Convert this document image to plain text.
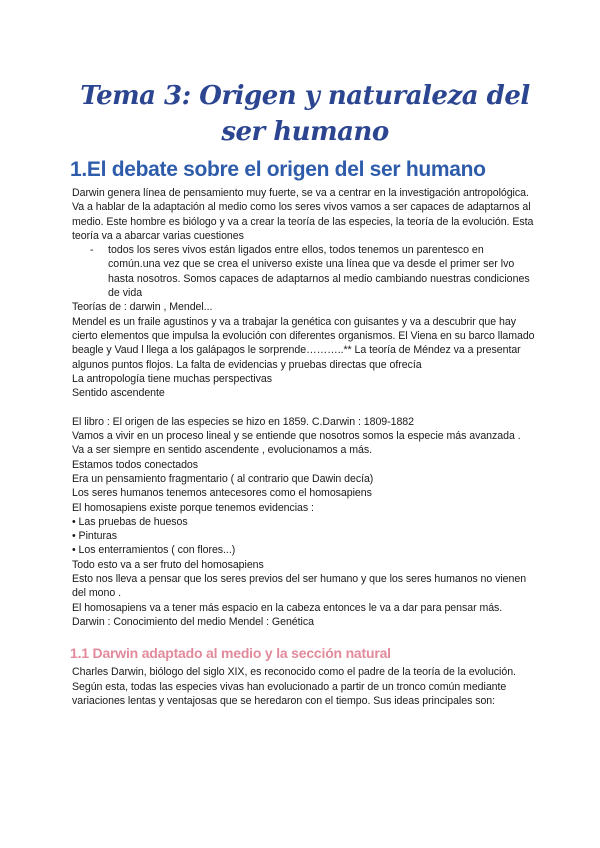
Tema 3: Origen y naturaleza del ser humano
1.El debate sobre el origen del ser humano

Darwin genera línea de pensamiento muy fuerte, se va a centrar en la investigación antropológica. Va a hablar de la adaptación al medio como los seres vivos vamos a ser capaces de adaptarnos al medio. Este hombre es biólogo y va a crear la teoría de las especies, la teoría de la evolución. Esta teoría va a abarcar varias cuestiones

- todos los seres vivos están ligados entre ellos, todos tenemos un parentesco en común.una vez que se crea el universo existe una línea que va desde el primer ser lvo hasta nosotros. Somos capaces de adaptarnos al medio cambiando nuestras condiciones de vida

Teorías de : darwin , Mendel...

Mendel es un fraile agustinos y va a trabajar la genética con guisantes y va a descubrir que hay cierto elementos que impulsa la evolución con diferentes organismos. El Viena en su barco llamado beagle y Vaud l llega a los galápagos le sorprende………..** La teoría de Méndez va a presentar algunos puntos flojos. La falta de evidencias y pruebas directas que ofrecía

La antropología tiene muchas perspectivas

Sentido ascendente

El libro : El origen de las especies se hizo en 1859. C.Darwin : 1809-1882

Vamos a vivir en un proceso lineal y se entiende que nosotros somos la especie más avanzada .

Va a ser siempre en sentido ascendente , evolucionamos a más.

Estamos todos conectados

Era un pensamiento fragmentario ( al contrario que Dawin decía)

Los seres humanos tenemos antecesores como el homosapiens

El homosapiens existe porque tenemos evidencias :

• Las pruebas de huesos

• Pinturas

• Los enterramientos ( con flores...)

Todo esto va a ser fruto del homosapiens

Esto nos lleva a pensar que los seres previos del ser humano y que los seres humanos no vienen del mono .

El homosapiens va a tener más espacio en la cabeza entonces le va a dar para pensar más.

Darwin : Conocimiento del medio Mendel : Genética

1.1 Darwin adaptado al medio y la sección natural

Charles Darwin, biólogo del siglo XIX, es reconocido como el padre de la teoría de la evolución. Según esta, todas las especies vivas han evolucionado a partir de un tronco común mediante variaciones lentas y ventajosas que se heredaron con el tiempo. Sus ideas principales son:
